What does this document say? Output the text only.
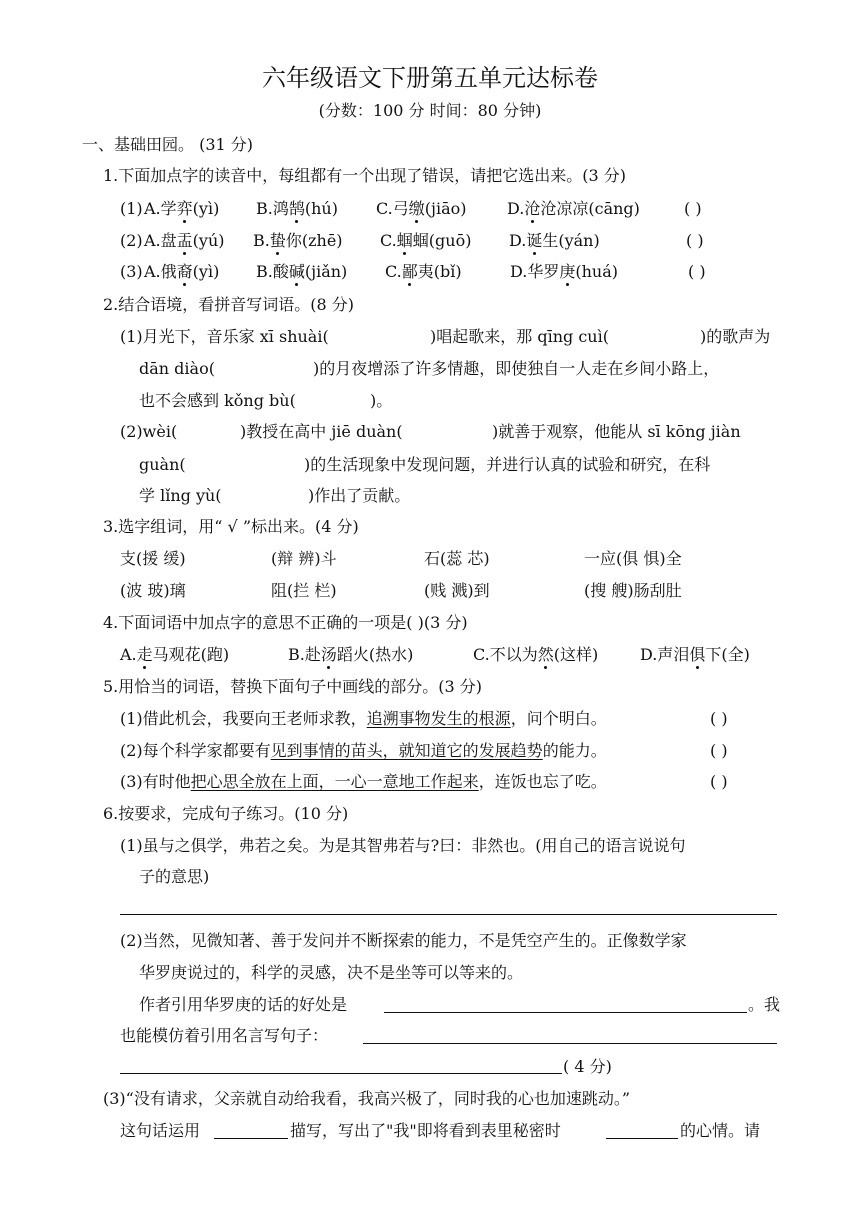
六年级语文下册第五单元达标卷
(分数：100 分 时间：80 分钟)
一、基础田园。 (31 分)
1.下面加点字的读音中，每组都有一个出现了错误，请把它选出来。(3 分)
(1) A.学弈(yì) B.鸿鹄(hú) C.弓缴(jiāo)	D.沧沧凉凉(cāng)	( )
(2) A.盘盂(yú) B.蛰你(zhē) C.蝈蝈(guō) D.诞生(yán)	( )
(3) A.俄裔(yì) B.酸碱(jiǎn) C.鄙夷(bǐ)	D.华罗庚(huá)	( )
2.结合语境，看拼音写词语。(8 分)
(1)月光下，音乐家 xī shuài(	)唱起歌来，那 qīng cuì(	)的歌声为
dān diào(	)的月夜增添了许多情趣，即使独自一人走在乡间小路上，
也不会感到 kǒng bù(	)。
(2)wèi(	)教授在高中 jiē duàn(	)就善于观察，他能从 sī kōng jiàn
guàn(	)的生活现象中发现问题，并进行认真的试验和研究，在科
学 lǐng yù(	)作出了贡献。
3.选字组词，用“ √ ”标出来。(4 分)
支(援 缓)	(辩 辨)斗	石(蕊 芯)	一应(俱 惧)全
(波 玻)璃	阻(拦 栏)	(贱 溅)到	(搜 艘)肠刮肚
4.下面词语中加点字的意思不正确的一项是( )(3 分)
A.走马观花(跑)	B.赴汤蹈火(热水)	C.不以为然(这样)	D.声泪俱下(全)
5.用恰当的词语，替换下面句子中画线的部分。(3 分)
(1)借此机会，我要向王老师求教，追溯事物发生的根源，问个明白。	( )
(2)每个科学家都要有见到事情的苗头，就知道它的发展趋势的能力。	( )
(3)有时他把心思全放在上面，一心一意地工作起来，连饭也忘了吃。	( )
6.按要求，完成句子练习。(10 分)
(1)虽与之俱学，弗若之矣。为是其智弗若与?曰：非然也。(用自己的语言说说句
子的意思)
(2)当然，见微知著、善于发问并不断探索的能力，不是凭空产生的。正像数学家
华罗庚说过的，科学的灵感，决不是坐等可以等来的。
作者引用华罗庚的话的好处是	。我
也能模仿着引用名言写句子：
( 4 分)
(3)“没有请求，父亲就自动给我看，我高兴极了，同时我的心也加速跳动。”
这句话运用	描写，写出了"我"即将看到表里秘密时	的心情。请
